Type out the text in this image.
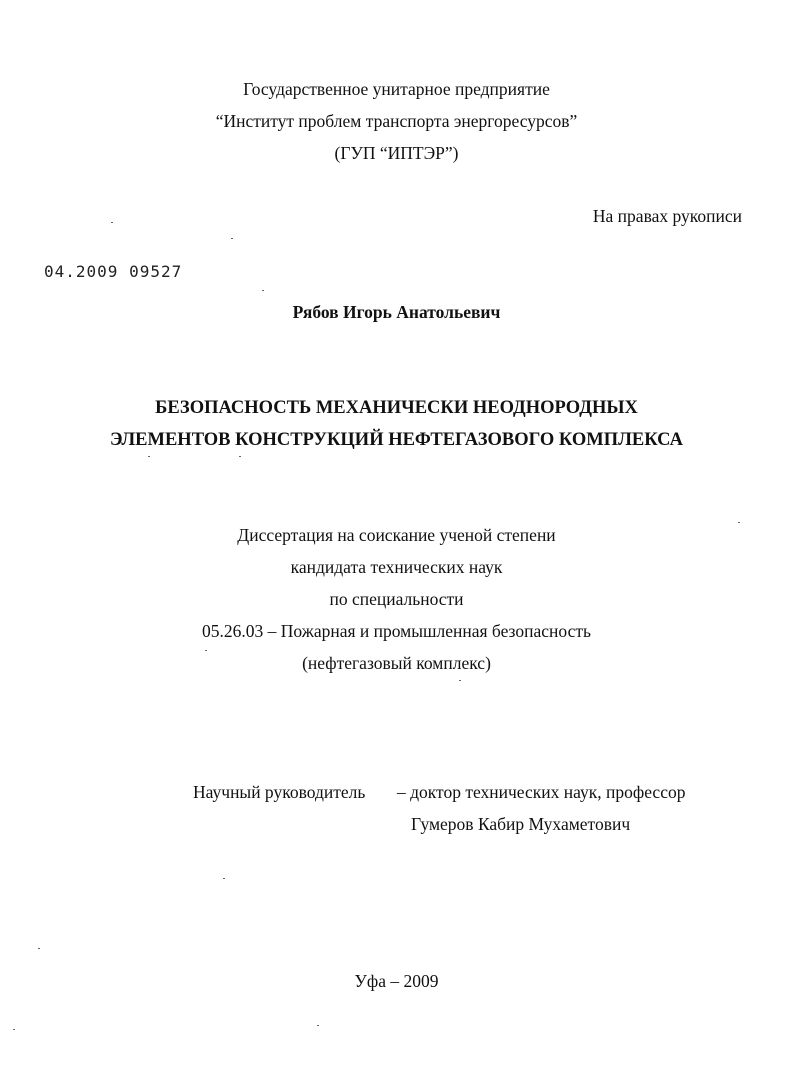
Государственное унитарное предприятие
“Институт проблем транспорта энергоресурсов”
(ГУП “ИПТЭР”)
На правах рукописи
04.2009 09527
Рябов Игорь Анатольевич
БЕЗОПАСНОСТЬ МЕХАНИЧЕСКИ НЕОДНОРОДНЫХ
ЭЛЕМЕНТОВ КОНСТРУКЦИЙ НЕФТЕГАЗОВОГО КОМПЛЕКСА
Диссертация на соискание ученой степени
кандидата технических наук
по специальности
05.26.03 – Пожарная и промышленная безопасность
(нефтегазовый комплекс)
Научный руководитель – доктор технических наук, профессор
Гумеров Кабир Мухаметович
Уфа – 2009
